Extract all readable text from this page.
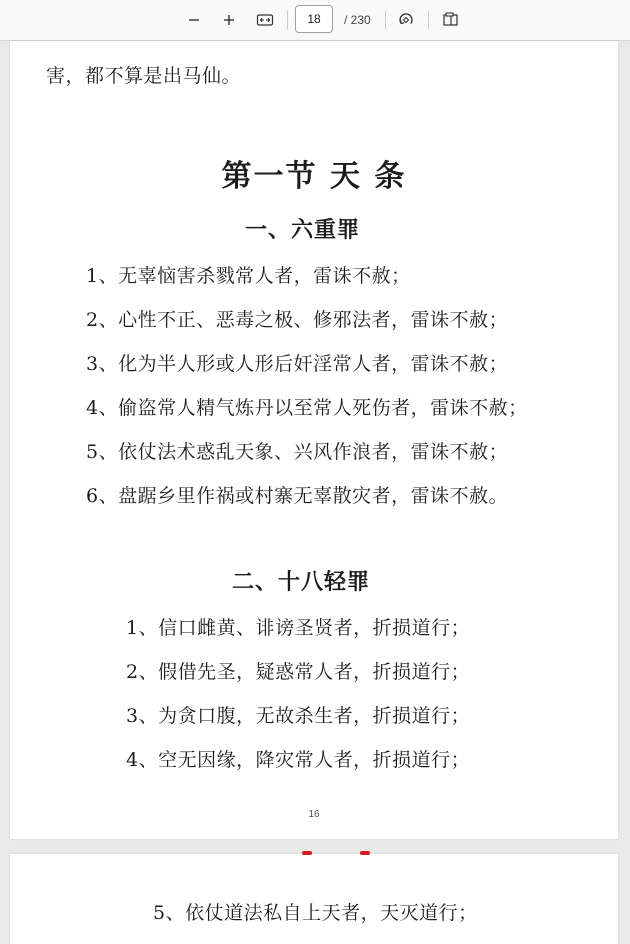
18
/ 230
害，都不算是出马仙。
第一节 天 条
一、六重罪
1、无辜恼害杀戮常人者，雷诛不赦；
2、心性不正、恶毒之极、修邪法者，雷诛不赦；
3、化为半人形或人形后奸淫常人者，雷诛不赦；
4、偷盗常人精气炼丹以至常人死伤者，雷诛不赦；
5、依仗法术惑乱天象、兴风作浪者，雷诛不赦；
6、盘踞乡里作祸或村寨无辜散灾者，雷诛不赦。
二、十八轻罪
1、信口雌黄、诽谤圣贤者，折损道行；
2、假借先圣，疑惑常人者，折损道行；
3、为贪口腹，无故杀生者，折损道行；
4、空无因缘，降灾常人者，折损道行；
16
5、依仗道法私自上天者，天灭道行；
